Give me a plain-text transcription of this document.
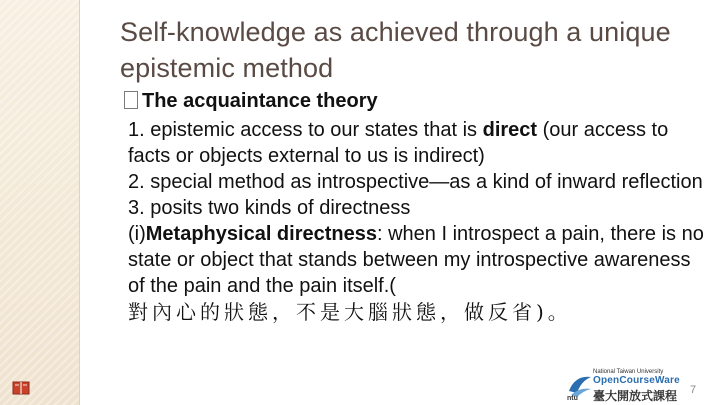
Self-knowledge as achieved through a unique epistemic method
The acquaintance theory

1. epistemic access to our states that is direct (our access to facts or objects external to us is indirect)

2. special method as introspective—as a kind of inward reflection

3. posits two kinds of directness

(i)Metaphysical directness: when I introspect a pain, there is no state or object that stands between my introspective awareness of the pain and the pain itself.(
對內心的狀態，不是大腦狀態，做反省)。

ntu
National Taiwan University
OpenCourseWare
臺大開放式課程 7
